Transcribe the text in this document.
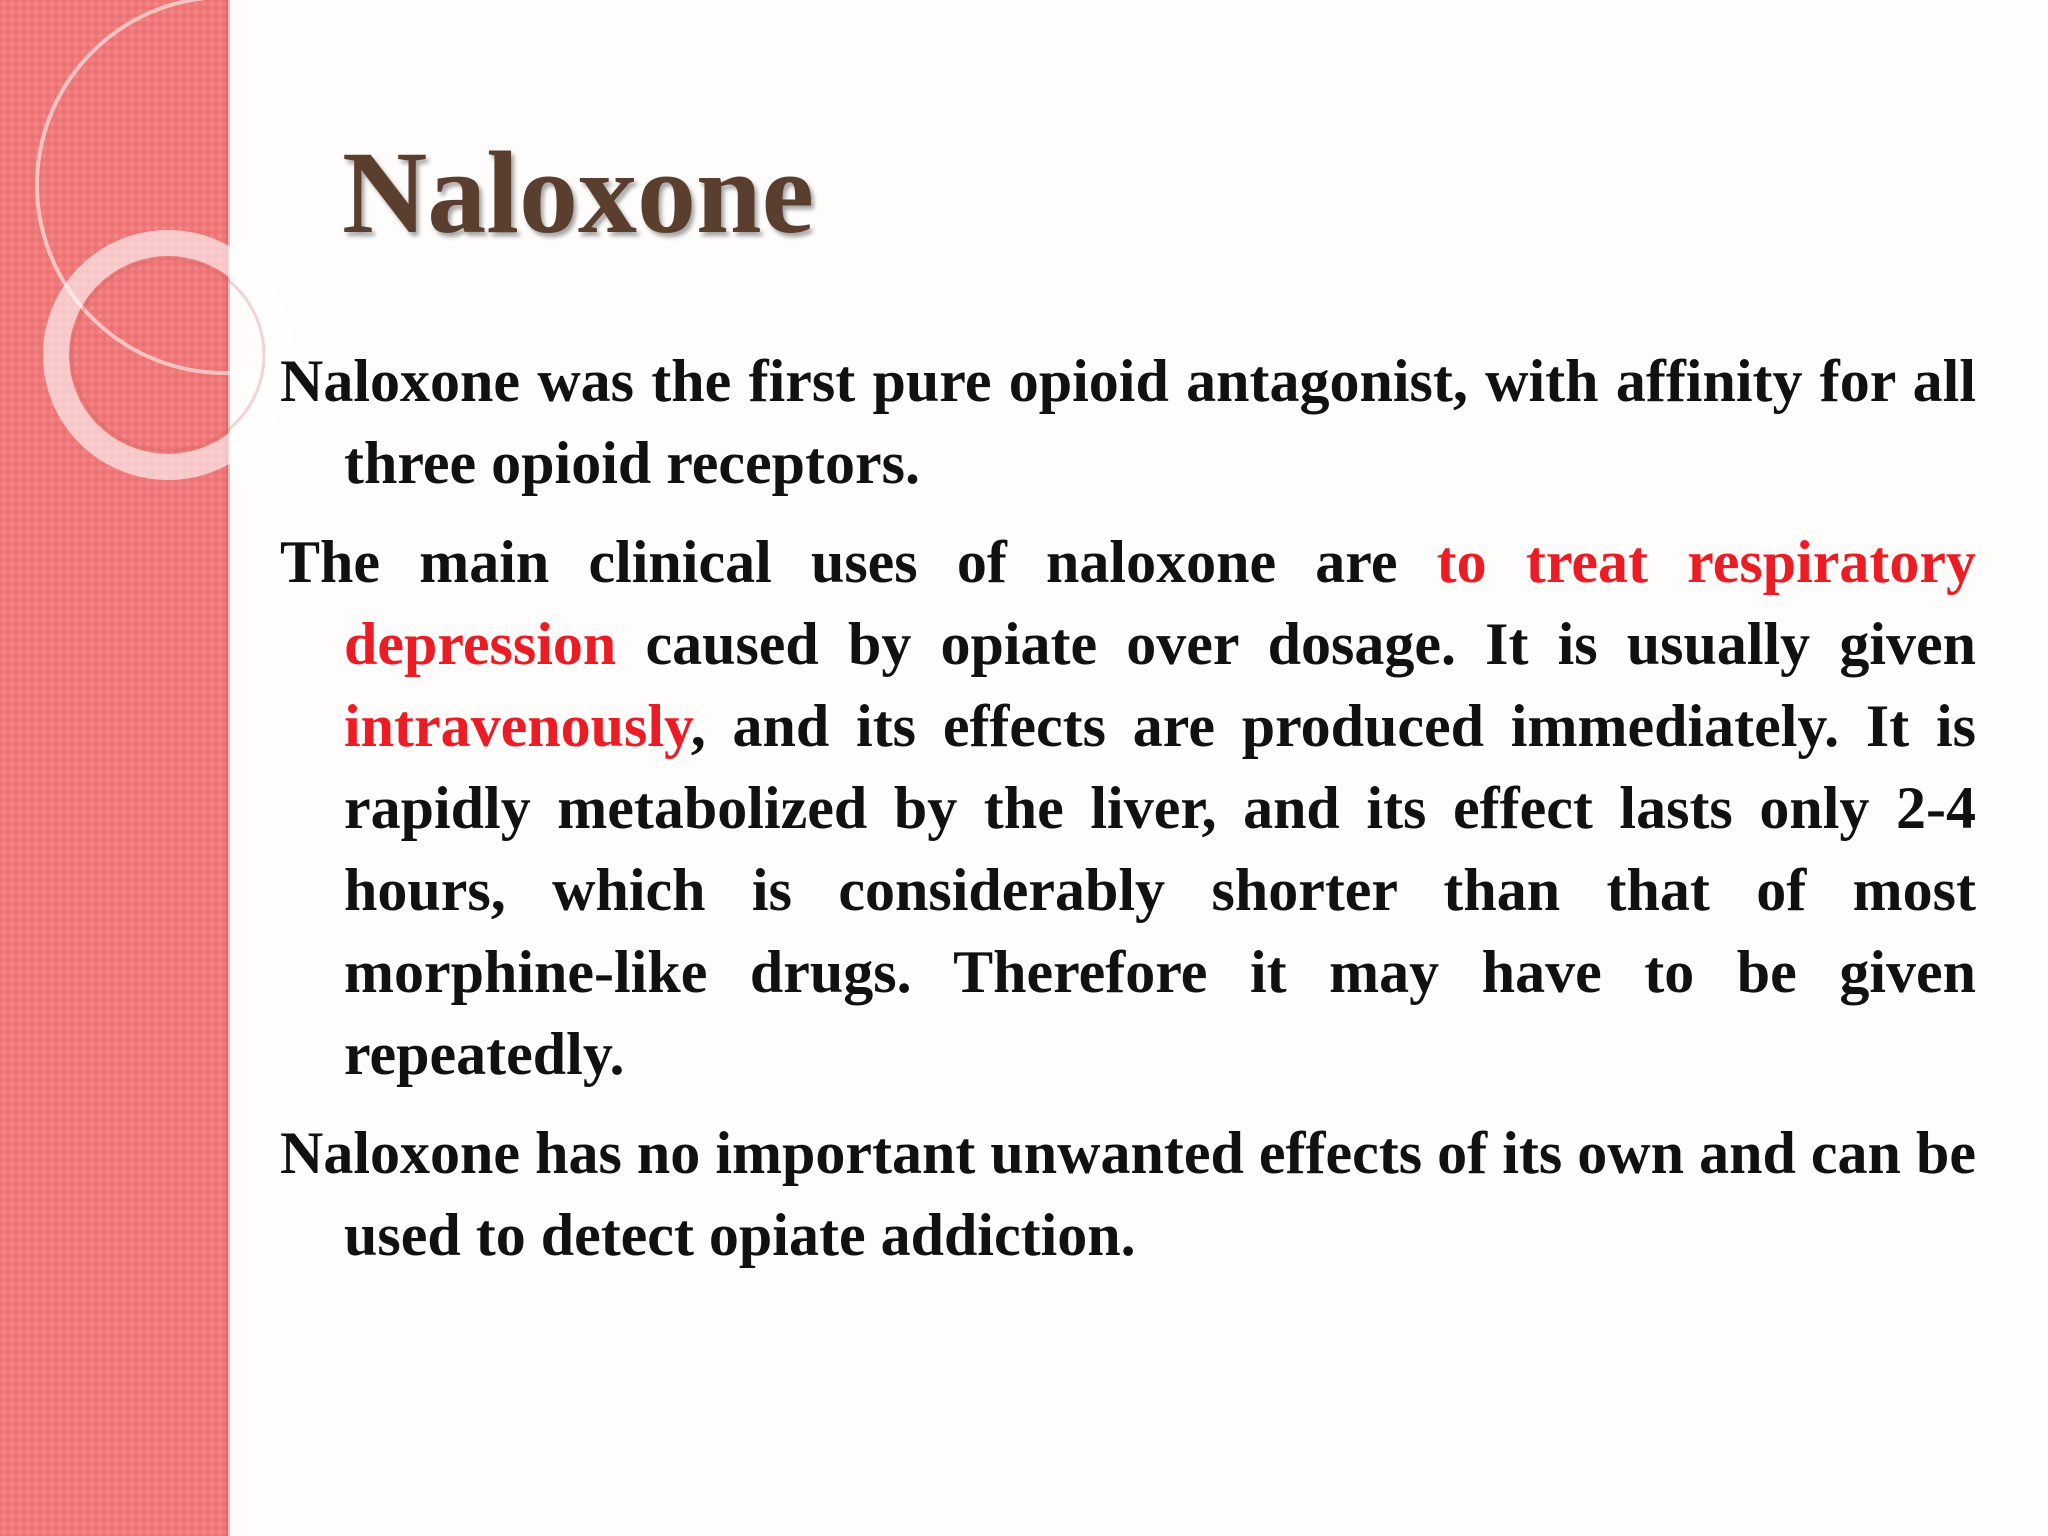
Naloxone

Naloxone was the first pure opioid antagonist, with affinity for all three opioid receptors.

The main clinical uses of naloxone are to treat respiratory depression caused by opiate over dosage. It is usually given intravenously, and its effects are produced immediately. It is rapidly metabolized by the liver, and its effect lasts only 2-4 hours, which is considerably shorter than that of most morphine-like drugs. Therefore it may have to be given repeatedly.

Naloxone has no important unwanted effects of its own and can be used to detect opiate addiction.
